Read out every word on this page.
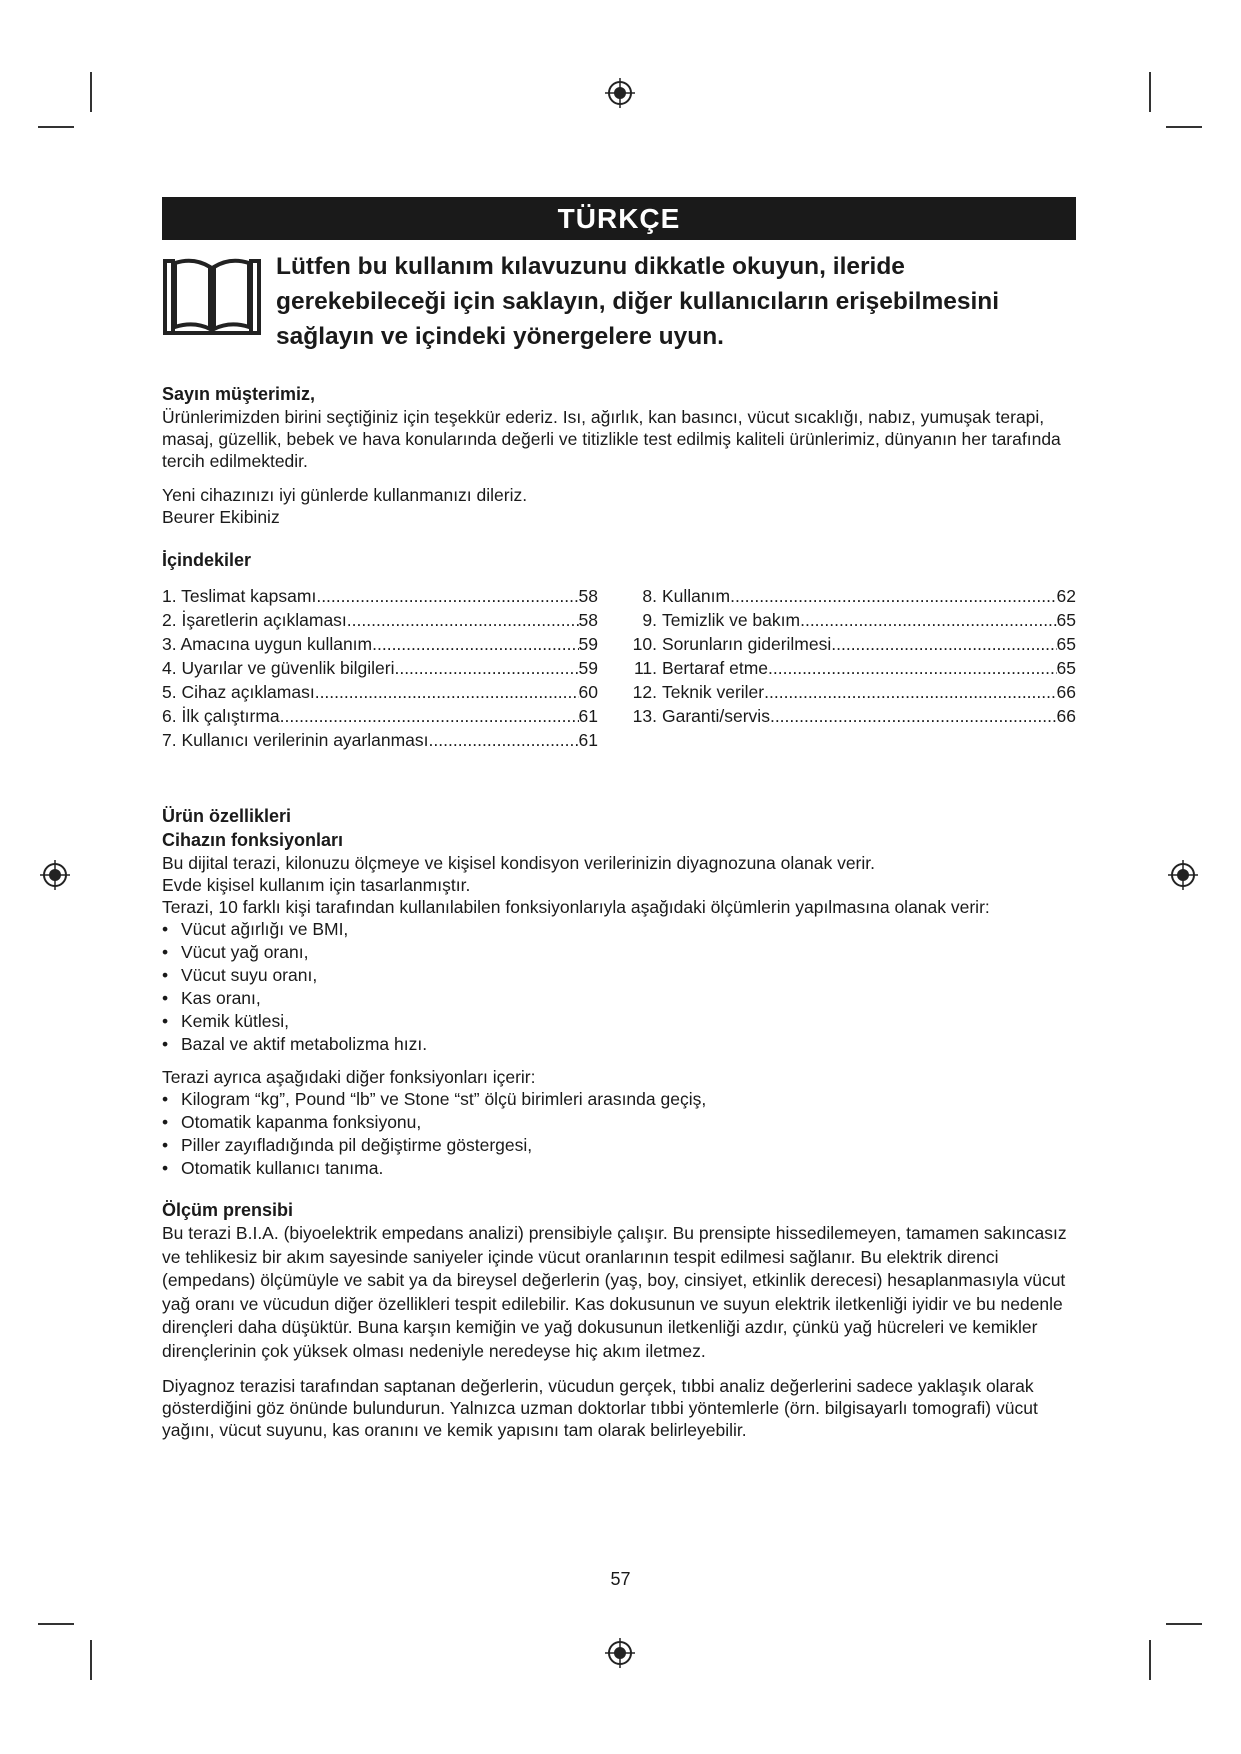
TÜRKÇE
Lütfen bu kullanım kılavuzunu dikkatle okuyun, ileride gerekebileceği için saklayın, diğer kullanıcıların erişebilmesini sağlayın ve içindeki yönergelere uyun.
Sayın müşterimiz,

Ürünlerimizden birini seçtiğiniz için teşekkür ederiz. Isı, ağırlık, kan basıncı, vücut sıcaklığı, nabız, yumuşak terapi, masaj, güzellik, bebek ve hava konularında değerli ve titizlikle test edilmiş kaliteli ürünlerimiz, dünyanın her tarafında tercih edilmektedir.

Yeni cihazınızı iyi günlerde kullanmanızı dileriz.

Beurer Ekibiniz

İçindekiler
1. Teslimat kapsamı .....	58
2. İşaretlerin açıklaması .....	58
3. Amacına uygun kullanım .....	59
4. Uyarılar ve güvenlik bilgileri .....	59
5. Cihaz açıklaması .....	60
6. İlk çalıştırma .....	61
7. Kullanıcı verilerinin ayarlanması .....	61
8. Kullanım .....	62
9. Temizlik ve bakım .....	65
10. Sorunların giderilmesi .....	65
11. Bertaraf etme .....	65
12. Teknik veriler .....	66
13. Garanti/servis .....	66
Ürün özellikleri
Cihazın fonksiyonları

Bu dijital terazi, kilonuzu ölçmeye ve kişisel kondisyon verilerinizin diyagnozuna olanak verir.

Evde kişisel kullanım için tasarlanmıştır.

Terazi, 10 farklı kişi tarafından kullanılabilen fonksiyonlarıyla aşağıdaki ölçümlerin yapılmasına olanak verir:

• Vücut ağırlığı ve BMI,
• Vücut yağ oranı,
• Vücut suyu oranı,
• Kas oranı,
• Kemik kütlesi,
• Bazal ve aktif metabolizma hızı.

Terazi ayrıca aşağıdaki diğer fonksiyonları içerir:

• Kilogram “kg”, Pound “lb” ve Stone “st” ölçü birimleri arasında geçiş,
• Otomatik kapanma fonksiyonu,
• Piller zayıfladığında pil değiştirme göstergesi,
• Otomatik kullanıcı tanıma.
Ölçüm prensibi

Bu terazi B.I.A. (biyoelektrik empedans analizi) prensibiyle çalışır. Bu prensipte hissedilemeyen, tamamen sakıncasız ve tehlikesiz bir akım sayesinde saniyeler içinde vücut oranlarının tespit edilmesi sağlanır. Bu elektrik direnci (empedans) ölçümüyle ve sabit ya da bireysel değerlerin (yaş, boy, cinsiyet, etkinlik derecesi) hesaplanmasıyla vücut yağ oranı ve vücudun diğer özellikleri tespit edilebilir. Kas dokusunun ve suyun elektrik iletkenliği iyidir ve bu nedenle dirençleri daha düşüktür. Buna karşın kemiğin ve yağ dokusunun iletkenliği azdır, çünkü yağ hücreleri ve kemikler dirençlerinin çok yüksek olması nedeniyle neredeyse hiç akım iletmez.

Diyagnoz terazisi tarafından saptanan değerlerin, vücudun gerçek, tıbbi analiz değerlerini sadece yaklaşık olarak gösterdiğini göz önünde bulundurun. Yalnızca uzman doktorlar tıbbi yöntemlerle (örn. bilgisayarlı tomografi) vücut yağını, vücut suyunu, kas oranını ve kemik yapısını tam olarak belirleyebilir.

57
